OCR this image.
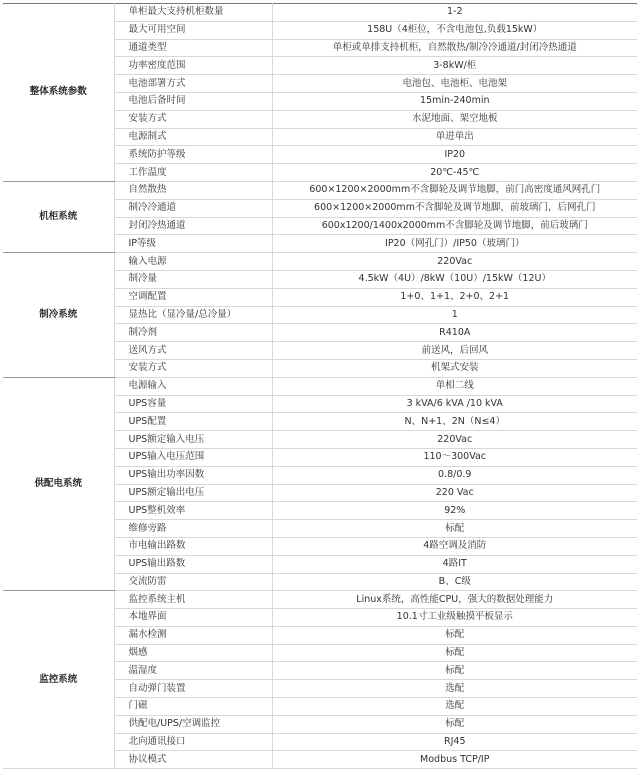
整体系统参数	单柜最大支持机柜数量	1-2
	最大可用空间	158U（4柜位，不含电池包,负载15kW）
	通道类型	单柜或单排支持机柜，自然散热/制冷冷通道/封闭冷热通道
	功率密度范围	3-8kW/柜
	电池部署方式	电池包、电池柜、电池架
	电池后备时间	15min-240min
	安装方式	水泥地面、架空地板
	电源制式	单进单出
	系统防护等级	IP20
	工作温度	20℃-45℃
机柜系统	自然散热	600×1200×2000mm不含脚轮及调节地脚，前门高密度通风网孔门
	制冷冷通道	600×1200×2000mm不含脚轮及调节地脚，前玻璃门，后网孔门
	封闭冷热通道	600x1200/1400x2000mm不含脚轮及调节地脚，前后玻璃门
	IP等级	IP20（网孔门）/IP50（玻璃门）
制冷系统	输入电源	220Vac
	制冷量	4.5kW（4U）/8kW（10U）/15kW（12U）
	空调配置	1+0、1+1、2+0、2+1
	显热比（显冷量/总冷量）	1
	制冷剂	R410A
	送风方式	前送风，后回风
	安装方式	机架式安装
供配电系统	电源输入	单相二线
	UPS容量	3 kVA/6 kVA /10 kVA
	UPS配置	N、N+1、2N（N≤4）
	UPS额定输入电压	220Vac
	UPS输入电压范围	110～300Vac
	UPS输出功率因数	0.8/0.9
	UPS额定输出电压	220 Vac
	UPS整机效率	92%
	维修旁路	标配
	市电输出路数	4路空调及消防
	UPS输出路数	4路IT
	交流防雷	B、C级
监控系统	监控系统主机	Linux系统，高性能CPU，强大的数据处理能力
	本地界面	10.1寸工业级触摸平板显示
	漏水检测	标配
	烟感	标配
	温湿度	标配
	自动弹门装置	选配
	门磁	选配
	供配电/UPS/空调监控	标配
	北向通讯接口	RJ45
	协议模式	Modbus TCP/IP
